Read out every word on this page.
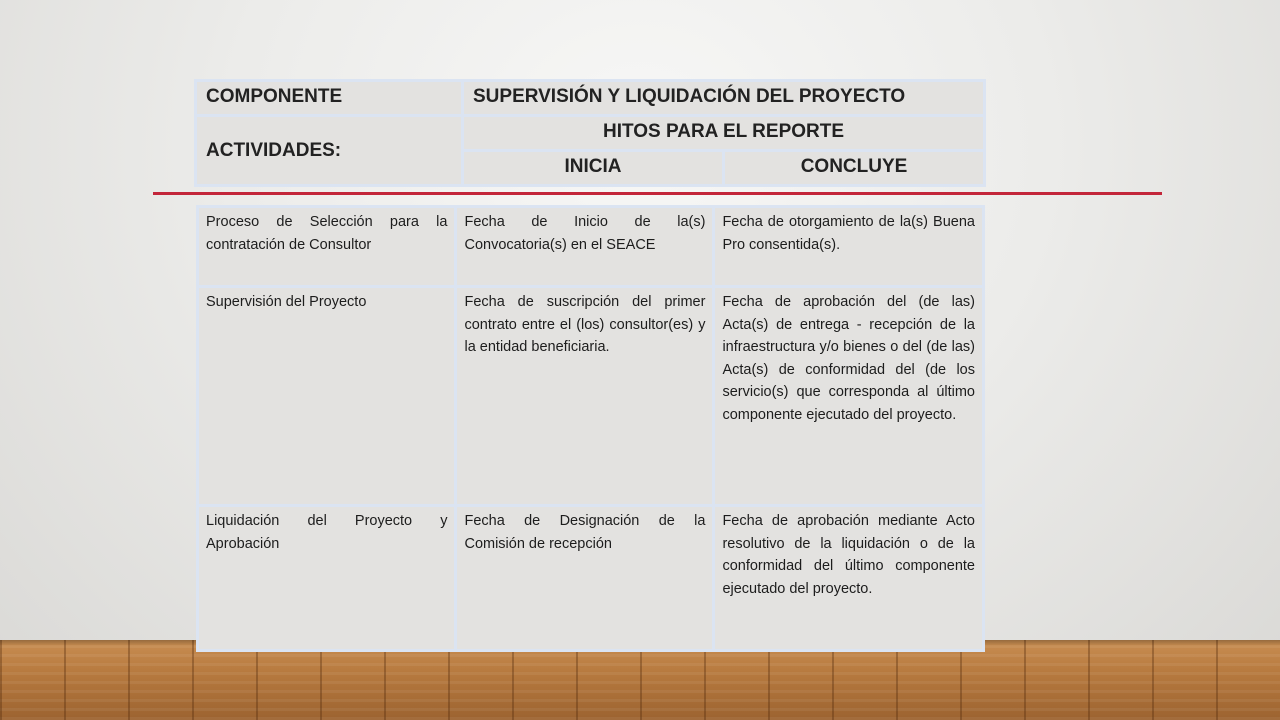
COMPONENTE	SUPERVISIÓN Y LIQUIDACIÓN DEL PROYECTO	
ACTIVIDADES:	HITOS PARA EL REPORTE	
	INICIA	CONCLUYE
Proceso de Selección para la contratación de Consultor	Fecha de Inicio de la(s) Convocatoria(s) en el SEACE	Fecha de otorgamiento de la(s) Buena Pro consentida(s).
Supervisión del Proyecto	Fecha de suscripción del primer contrato entre el (los) consultor(es) y la entidad beneficiaria.	Fecha de aprobación del (de las) Acta(s) de entrega - recepción de la infraestructura y/o bienes o del (de las) Acta(s) de conformidad del (de los servicio(s) que corresponda al último componente ejecutado del proyecto.
Liquidación del Proyecto y Aprobación	Fecha de Designación de la Comisión de recepción	Fecha de aprobación mediante Acto resolutivo de la liquidación o de la conformidad del último componente ejecutado del proyecto.
